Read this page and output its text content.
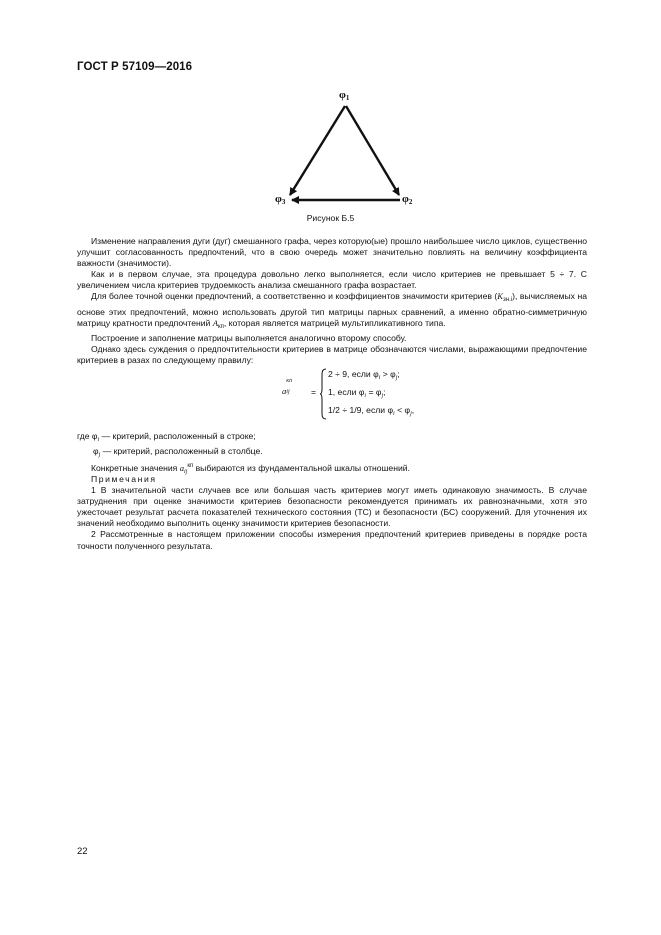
ГОСТ Р 57109—2016
$\varphi_1$
$\varphi_2$
$\varphi_3$
Рисунок Б.5

Изменение направления дуги (дуг) смешанного графа, через которую(ые) прошло наибольшее число циклов, существенно улучшит согласованность предпочтений, что в свою очередь может значительно повлиять на величину коэффициента важности (значимости).

Как и в первом случае, эта процедура довольно легко выполняется, если число критериев не превышает 5 ÷ 7. С увеличением числа критериев трудоемкость анализа смешанного графа возрастает.

Для более точной оценки предпочтений, а соответственно и коэффициентов значимости критериев $(K_{зн.i})$, вычисляемых на основе этих предпочтений, можно использовать другой тип матрицы парных сравнений, а именно обратно-симметричную матрицу кратности предпочтений $A_{кп}$, которая является матрицей мультипликативного типа.

Построение и заполнение матрицы выполняется аналогично второму способу.

Однако здесь суждения о предпочтительности критериев в матрице обозначаются числами, выражающими предпочтение критериев в разах по следующему правилу:

a
кп
ij =
2 ÷ 9, если $\varphi_i > \varphi_j$;
1, если $\varphi_i = \varphi_j$;
1/2 ÷ 1/9, если $\varphi_i < \varphi_j$,
где $\varphi_i$ — критерий, расположенный в строке;
$\varphi_j$ — критерий, расположенный в столбце.
Конкретные значения $a_{ij}^{кп}$ выбираются из фундаментальной шкалы отношений.

Примечания

1 В значительной части случаев все или большая часть критериев могут иметь одинаковую значимость. В случае затруднения при оценке значимости критериев безопасности рекомендуется принимать их равнозначными, хотя это ужесточает результат расчета показателей технического состояния (ТС) и безопасности (БС) сооружений. Для уточнения их значений необходимо выполнить оценку значимости критериев безопасности.

2 Рассмотренные в настоящем приложении способы измерения предпочтений критериев приведены в порядке роста точности полученного результата.

22
